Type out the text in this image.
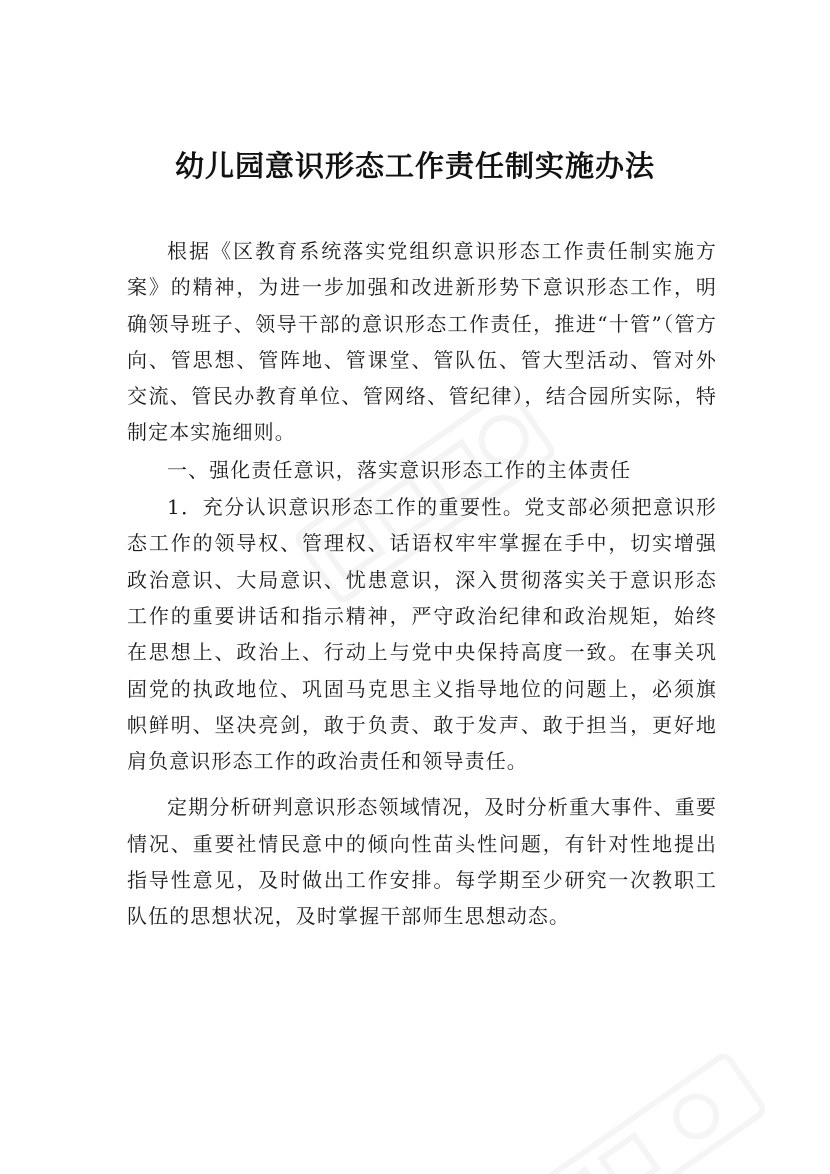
幼儿园意识形态工作责任制实施办法

根据《区教育系统落实党组织意识形态工作责任制实施方案》的精神，为进一步加强和改进新形势下意识形态工作，明确领导班子、领导干部的意识形态工作责任，推进“十管”（管方向、管思想、管阵地、管课堂、管队伍、管大型活动、管对外交流、管民办教育单位、管网络、管纪律），结合园所实际，特制定本实施细则。

一、强化责任意识，落实意识形态工作的主体责任

1．充分认识意识形态工作的重要性。党支部必须把意识形态工作的领导权、管理权、话语权牢牢掌握在手中，切实增强政治意识、大局意识、忧患意识，深入贯彻落实关于意识形态工作的重要讲话和指示精神，严守政治纪律和政治规矩，始终在思想上、政治上、行动上与党中央保持高度一致。在事关巩固党的执政地位、巩固马克思主义指导地位的问题上，必须旗帜鲜明、坚决亮剑，敢于负责、敢于发声、敢于担当，更好地肩负意识形态工作的政治责任和领导责任。

定期分析研判意识形态领域情况，及时分析重大事件、重要情况、重要社情民意中的倾向性苗头性问题，有针对性地提出指导性意见，及时做出工作安排。每学期至少研究一次教职工队伍的思想状况，及时掌握干部师生思想动态。
